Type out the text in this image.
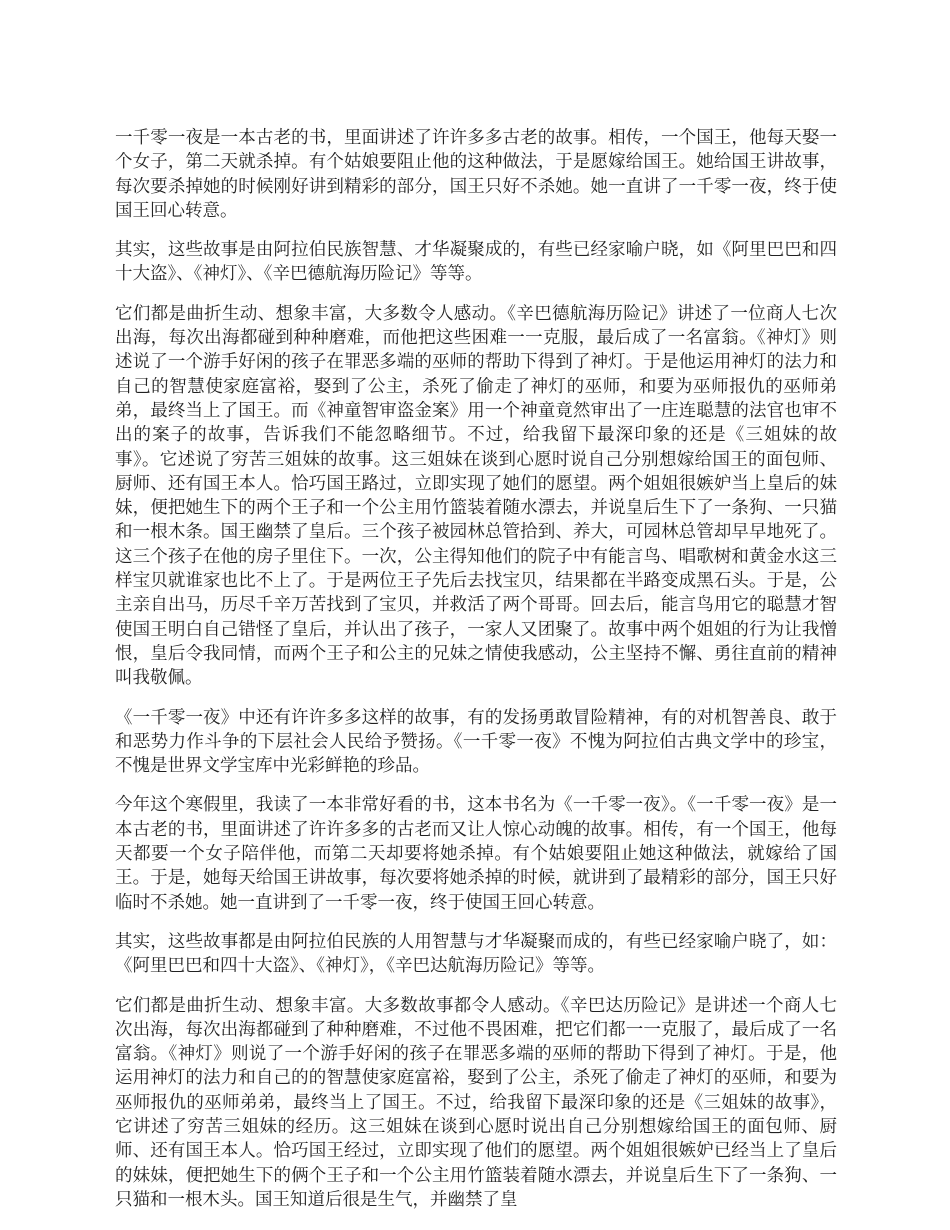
一千零一夜是一本古老的书，里面讲述了许许多多古老的故事。相传，一个国王，他每天娶一个女子，第二天就杀掉。有个姑娘要阻止他的这种做法，于是愿嫁给国王。她给国王讲故事，每次要杀掉她的时候刚好讲到精彩的部分，国王只好不杀她。她一直讲了一千零一夜，终于使国王回心转意。

其实，这些故事是由阿拉伯民族智慧、才华凝聚成的，有些已经家喻户晓，如《阿里巴巴和四十大盗》、《神灯》、《辛巴德航海历险记》等等。

它们都是曲折生动、想象丰富，大多数令人感动。《辛巴德航海历险记》讲述了一位商人七次出海，每次出海都碰到种种磨难，而他把这些困难一一克服，最后成了一名富翁。《神灯》则述说了一个游手好闲的孩子在罪恶多端的巫师的帮助下得到了神灯。于是他运用神灯的法力和自己的智慧使家庭富裕，娶到了公主，杀死了偷走了神灯的巫师，和要为巫师报仇的巫师弟弟，最终当上了国王。而《神童智审盗金案》用一个神童竟然审出了一庄连聪慧的法官也审不出的案子的故事，告诉我们不能忽略细节。不过，给我留下最深印象的还是《三姐妹的故事》。它述说了穷苦三姐妹的故事。这三姐妹在谈到心愿时说自己分别想嫁给国王的面包师、厨师、还有国王本人。恰巧国王路过，立即实现了她们的愿望。两个姐姐很嫉妒当上皇后的妹妹，便把她生下的两个王子和一个公主用竹篮装着随水漂去，并说皇后生下了一条狗、一只猫和一根木条。国王幽禁了皇后。三个孩子被园林总管拾到、养大，可园林总管却早早地死了。这三个孩子在他的房子里住下。一次，公主得知他们的院子中有能言鸟、唱歌树和黄金水这三样宝贝就谁家也比不上了。于是两位王子先后去找宝贝，结果都在半路变成黑石头。于是，公主亲自出马，历尽千辛万苦找到了宝贝，并救活了两个哥哥。回去后，能言鸟用它的聪慧才智使国王明白自己错怪了皇后，并认出了孩子，一家人又团聚了。故事中两个姐姐的行为让我憎恨，皇后令我同情，而两个王子和公主的兄妹之情使我感动，公主坚持不懈、勇往直前的精神叫我敬佩。

《一千零一夜》中还有许许多多这样的故事，有的发扬勇敢冒险精神，有的对机智善良、敢于和恶势力作斗争的下层社会人民给予赞扬。《一千零一夜》不愧为阿拉伯古典文学中的珍宝，不愧是世界文学宝库中光彩鲜艳的珍品。

今年这个寒假里，我读了一本非常好看的书，这本书名为《一千零一夜》。《一千零一夜》是一本古老的书，里面讲述了许许多多的古老而又让人惊心动魄的故事。相传，有一个国王，他每天都要一个女子陪伴他，而第二天却要将她杀掉。有个姑娘要阻止她这种做法，就嫁给了国王。于是，她每天给国王讲故事，每次要将她杀掉的时候，就讲到了最精彩的部分，国王只好临时不杀她。她一直讲到了一千零一夜，终于使国王回心转意。

其实，这些故事都是由阿拉伯民族的人用智慧与才华凝聚而成的，有些已经家喻户晓了，如：《阿里巴巴和四十大盗》、《神灯》，《辛巴达航海历险记》等等。

它们都是曲折生动、想象丰富。大多数故事都令人感动。《辛巴达历险记》是讲述一个商人七次出海，每次出海都碰到了种种磨难，不过他不畏困难，把它们都一一克服了，最后成了一名富翁。《神灯》则说了一个游手好闲的孩子在罪恶多端的巫师的帮助下得到了神灯。于是，他运用神灯的法力和自己的的智慧使家庭富裕，娶到了公主，杀死了偷走了神灯的巫师，和要为巫师报仇的巫师弟弟，最终当上了国王。不过，给我留下最深印象的还是《三姐妹的故事》，它讲述了穷苦三姐妹的经历。这三姐妹在谈到心愿时说出自己分别想嫁给国王的面包师、厨师、还有国王本人。恰巧国王经过，立即实现了他们的愿望。两个姐姐很嫉妒已经当上了皇后的妹妹，便把她生下的俩个王子和一个公主用竹篮装着随水漂去，并说皇后生下了一条狗、一只猫和一根木头。国王知道后很是生气，并幽禁了皇
